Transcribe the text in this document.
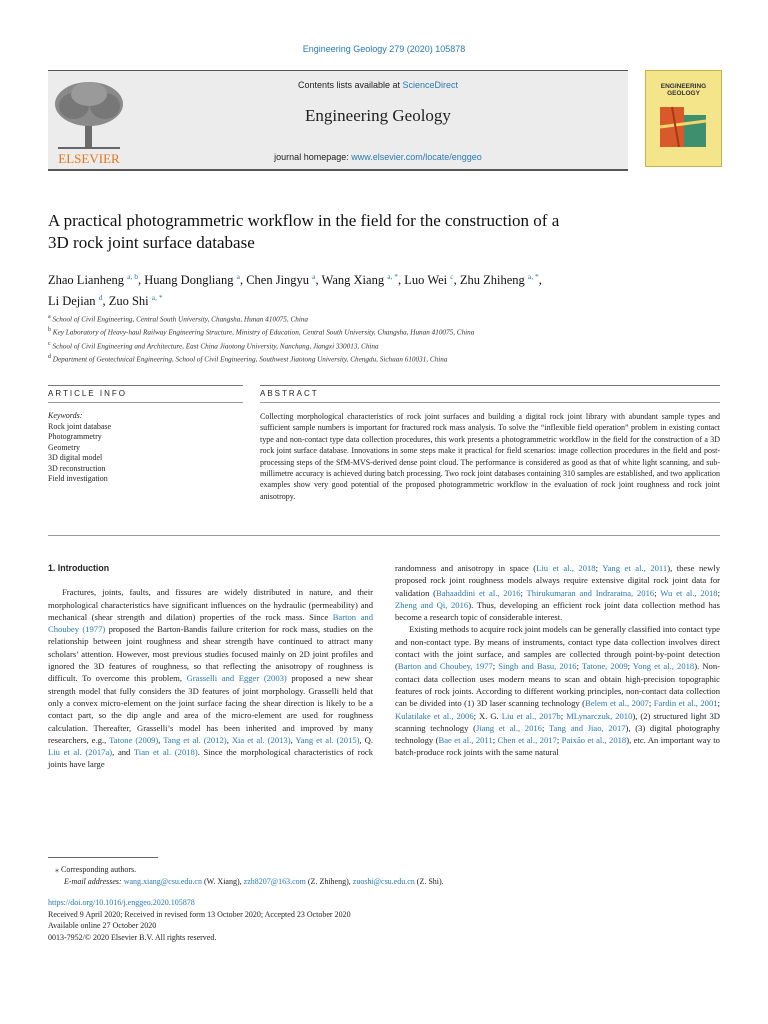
Engineering Geology 279 (2020) 105878
ELSEVIER
Contents lists available at ScienceDirect
Engineering Geology
journal homepage: www.elsevier.com/locate/enggeo
ENGINEERING
GEOLOGY
A practical photogrammetric workflow in the field for the construction of a
3D rock joint surface database
Zhao Lianheng $^{a, b}$, Huang Dongliang $^a$, Chen Jingyu $^a$, Wang Xiang $^{a, *}$, Luo Wei $^c$, Zhu Zhiheng $^{a, *}$,
Li Dejian $^d$, Zuo Shi $^{a, *}$
$^a$ School of Civil Engineering, Central South University, Changsha, Hunan 410075, China
$^b$ Key Laboratory of Heavy-haul Railway Engineering Structure, Ministry of Education, Central South University, Changsha, Hunan 410075, China
$^c$ School of Civil Engineering and Architecture, East China Jiaotong University, Nanchang, Jiangxi 330013, China
$^d$ Department of Geotechnical Engineering, School of Civil Engineering, Southwest Jiaotong University, Chengdu, Sichuan 610031, China
ARTICLE INFO	ABSTRACT
Keywords:
Rock joint database
Photogrammetry
Geometry
3D digital model
3D reconstruction
Field investigation
Collecting morphological characteristics of rock joint surfaces and building a digital rock joint library with abundant sample types and sufficient sample numbers is important for fractured rock mass analysis. To solve the “inflexible field operation” problem in existing contact type and non-contact type data collection procedures, this work presents a photogrammetric workflow in the field for the construction of a 3D rock joint surface database. Innovations in some steps make it practical for field scenarios: image collection procedures in the field and post-processing steps of the SfM-MVS-derived dense point cloud. The performance is considered as good as that of white light scanning, and sub-millimetre accuracy is achieved during batch processing. Two rock joint databases containing 310 samples are established, and two application examples show very good potential of the proposed photogrammetric workflow in the evaluation of rock joint roughness and rock joint anisotropy.
1. Introduction

Fractures, joints, faults, and fissures are widely distributed in nature, and their morphological characteristics have significant influences on the hydraulic (permeability) and mechanical (shear strength and dilation) properties of the rock mass. Since Barton and Choubey (1977) proposed the Barton-Bandis failure criterion for rock mass, studies on the relationship between joint roughness and shear strength have continued to attract many scholars’ attention. However, most previous studies focused mainly on 2D joint profiles and ignored the 3D features of roughness, so that reflecting the anisotropy of roughness is difficult. To overcome this problem, Grasselli and Egger (2003) proposed a new shear strength model that fully considers the 3D features of joint morphology. Grasselli held that only a convex micro-element on the joint surface facing the shear direction is likely to be a contact part, so the dip angle and area of the micro-element are used for roughness calculation. Thereafter, Grasselli’s model has been inherited and improved by many researchers, e.g., Tatone (2009), Tang et al. (2012), Xia et al. (2013), Yang et al. (2015), Q. Liu et al. (2017a), and Tian et al. (2018). Since the morphological characteristics of rock joints have large

randomness and anisotropy in space (Liu et al., 2018; Yang et al., 2011), these newly proposed rock joint roughness models always require extensive digital rock joint data for validation (Bahaaddini et al., 2016; Thirukumaran and Indraratna, 2016; Wu et al., 2018; Zheng and Qi, 2016). Thus, developing an efficient rock joint data collection method has become a research topic of considerable interest.

Existing methods to acquire rock joint models can be generally classified into contact type and non-contact type. By means of instruments, contact type data collection involves direct contact with the joint surface, and samples are collected through point-by-point detection (Barton and Choubey, 1977; Singh and Basu, 2016; Tatone, 2009; Yong et al., 2018). Non-contact data collection uses modern means to scan and obtain high-precision topographic features of rock joints. According to different working principles, non-contact data collection can be divided into (1) 3D laser scanning technology (Belem et al., 2007; Fardin et al., 2001; Kulatilake et al., 2006; X. G. Liu et al., 2017b; MLynarczuk, 2010), (2) structured light 3D scanning technology (Jiang et al., 2016; Tang and Jiao, 2017), (3) digital photography technology (Bae et al., 2011; Chen et al., 2017; Paixão et al., 2018), etc. An important way to batch-produce rock joints with the same natural

⁎ Corresponding authors.
E-mail addresses: wang.xiang@csu.edu.cn (W. Xiang), zzh8207@163.com (Z. Zhiheng), zuoshi@csu.edu.cn (Z. Shi).
https://doi.org/10.1016/j.enggeo.2020.105878
Received 9 April 2020; Received in revised form 13 October 2020; Accepted 23 October 2020
Available online 27 October 2020
0013-7952/© 2020 Elsevier B.V. All rights reserved.
